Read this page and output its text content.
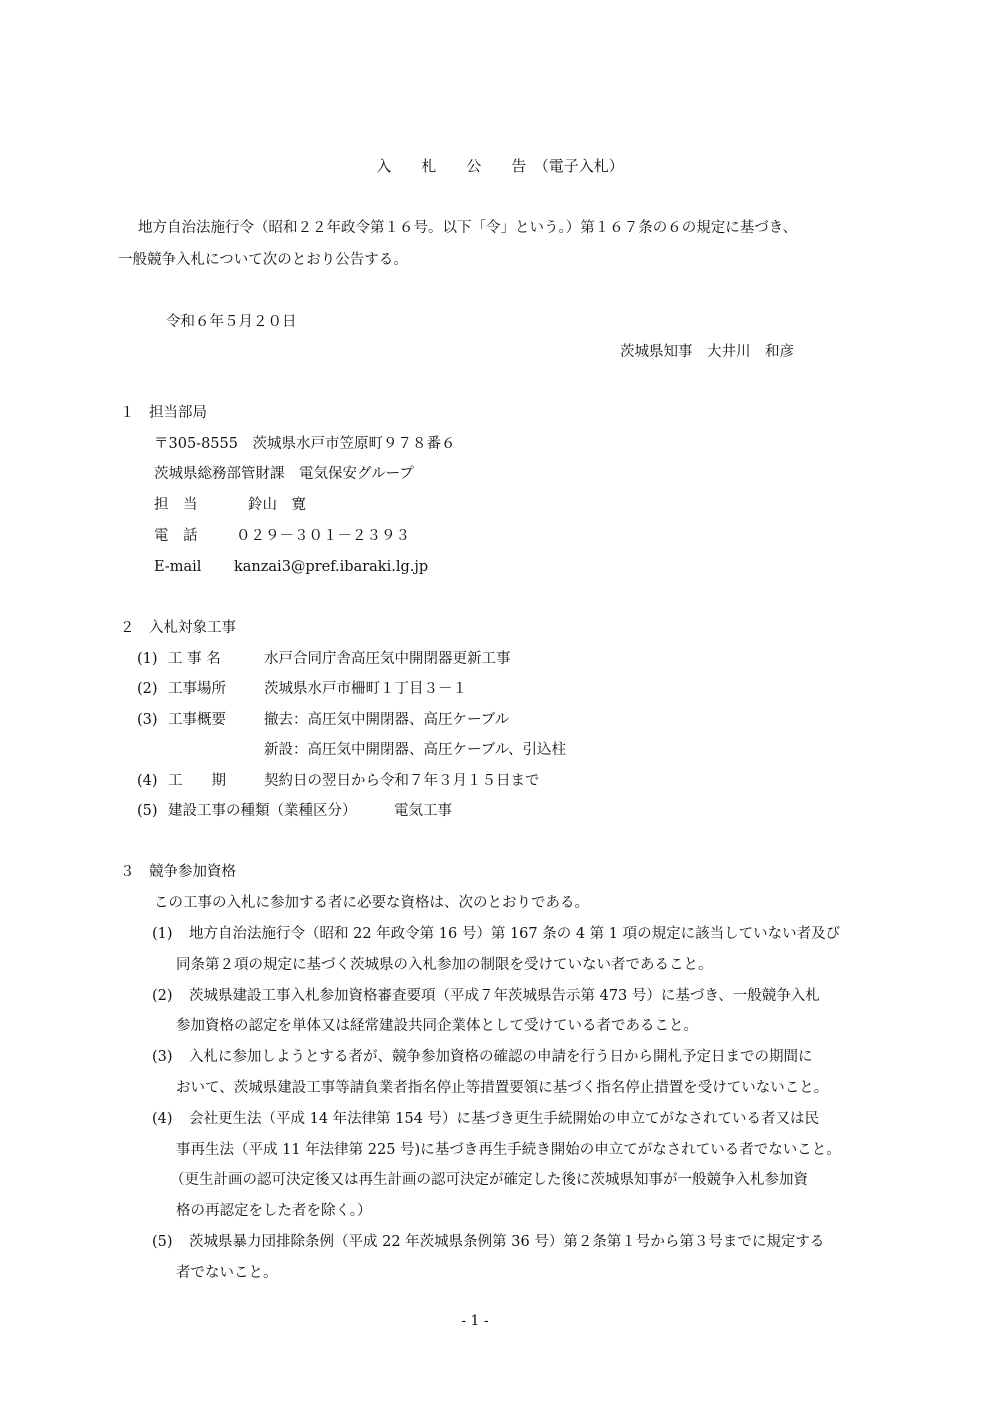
入　　札　　公　　告　（電子入札）
地方自治法施行令（昭和２２年政令第１６号。以下「令」という。）第１６７条の６の規定に基づき、
一般競争入札について次のとおり公告する。
令和６年５月２０日
茨城県知事　大井川　和彦
１　担当部局
〒305-8555　茨城県水戸市笠原町９７８番６
茨城県総務部管財課　電気保安グループ
担　当	鈴山　寛
電　話	０２９－３０１－２３９３
E-mail kanzai3@pref.ibaraki.lg.jp
２　入札対象工事
(1) 工 事 名	水戸合同庁舎高圧気中開閉器更新工事
(2) 工事場所	茨城県水戸市柵町１丁目３－１
(3) 工事概要	撤去：高圧気中開閉器、高圧ケーブル
新設：高圧気中開閉器、高圧ケーブル、引込柱
(4) 工　　期	契約日の翌日から令和７年３月１５日まで
(5) 建設工事の種類（業種区分）	電気工事
３　競争参加資格
この工事の入札に参加する者に必要な資格は、次のとおりである。
(1) 地方自治法施行令（昭和 22 年政令第 16 号）第 167 条の 4 第 1 項の規定に該当していない者及び
同条第２項の規定に基づく茨城県の入札参加の制限を受けていない者であること。
(2) 茨城県建設工事入札参加資格審査要項（平成７年茨城県告示第 473 号）に基づき、一般競争入札
参加資格の認定を単体又は経常建設共同企業体として受けている者であること。
(3) 入札に参加しようとする者が、競争参加資格の確認の申請を行う日から開札予定日までの期間に
おいて、茨城県建設工事等請負業者指名停止等措置要領に基づく指名停止措置を受けていないこと。
(4) 会社更生法（平成 14 年法律第 154 号）に基づき更生手続開始の申立てがなされている者又は民
事再生法（平成 11 年法律第 225 号)に基づき再生手続き開始の申立てがなされている者でないこと。
（更生計画の認可決定後又は再生計画の認可決定が確定した後に茨城県知事が一般競争入札参加資
格の再認定をした者を除く。）
(5) 茨城県暴力団排除条例（平成 22 年茨城県条例第 36 号）第２条第１号から第３号までに規定する
者でないこと。
- 1 -
